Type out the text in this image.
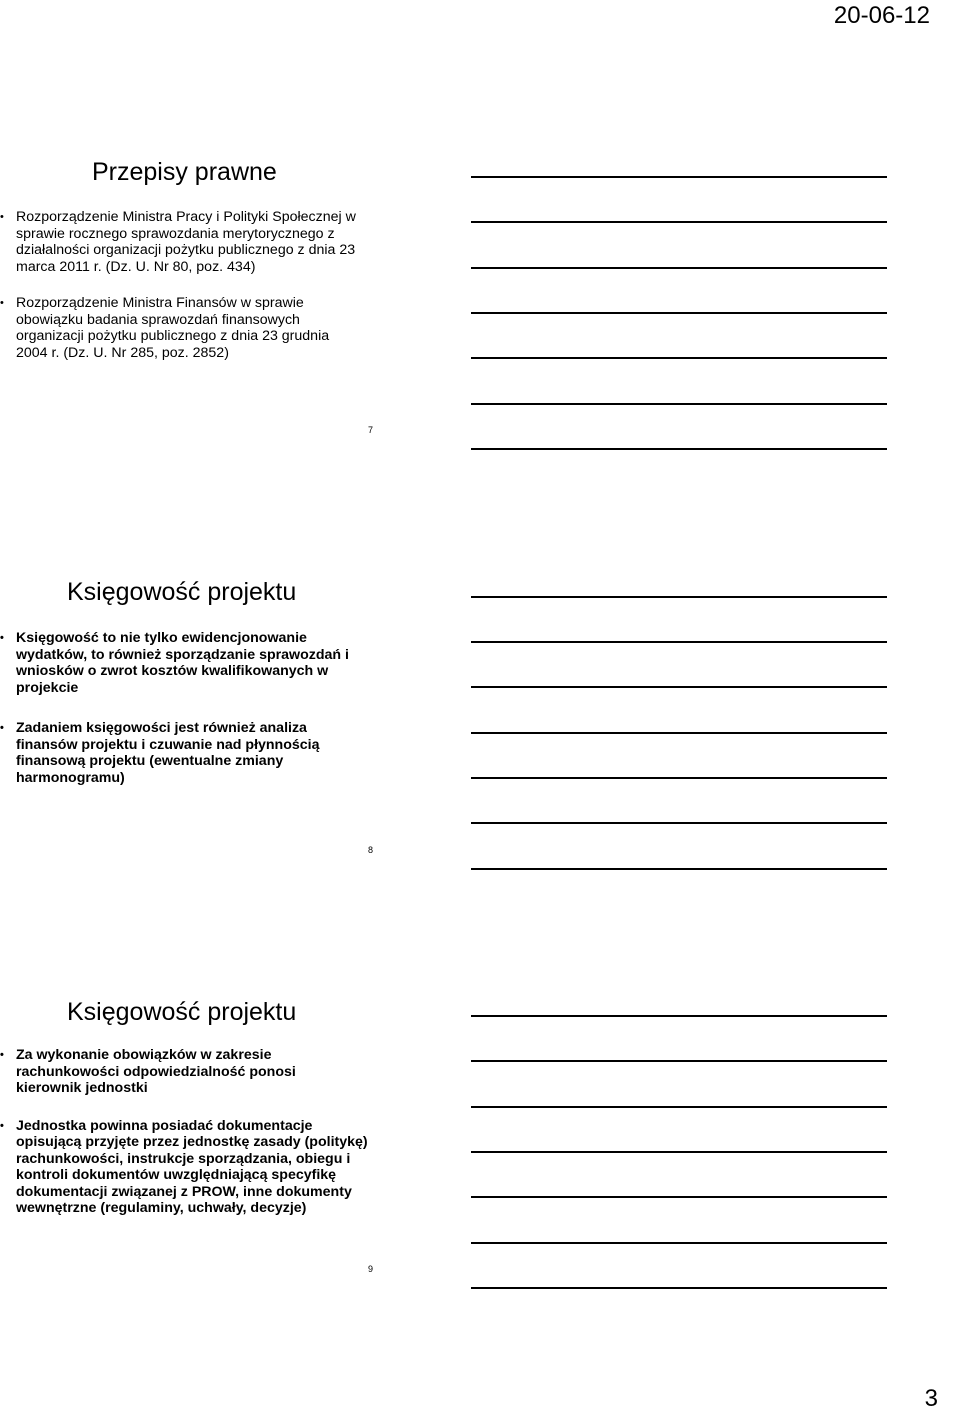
20-06-12
Przepisy prawne
• Rozporządzenie Ministra Pracy i Polityki Społecznej w sprawie rocznego sprawozdania merytorycznego z działalności organizacji pożytku publicznego z dnia 23 marca 2011 r. (Dz. U. Nr 80, poz. 434)
• Rozporządzenie Ministra Finansów w sprawie obowiązku badania sprawozdań finansowych organizacji pożytku publicznego z dnia 23 grudnia 2004 r. (Dz. U. Nr 285, poz. 2852)
7
Księgowość projektu
• Księgowość to nie tylko ewidencjonowanie wydatków, to również sporządzanie sprawozdań i wniosków o zwrot kosztów kwalifikowanych w projekcie
• Zadaniem księgowości jest również analiza finansów projektu i czuwanie nad płynnością finansową projektu (ewentualne zmiany harmonogramu)
8
Księgowość projektu
• Za wykonanie obowiązków w zakresie rachunkowości odpowiedzialność ponosi kierownik jednostki
• Jednostka powinna posiadać dokumentacje opisującą przyjęte przez jednostkę zasady (politykę) rachunkowości, instrukcje sporządzania, obiegu i kontroli dokumentów uwzględniającą specyfikę dokumentacji związanej z PROW, inne dokumenty wewnętrzne (regulaminy, uchwały, decyzje)
9
3
